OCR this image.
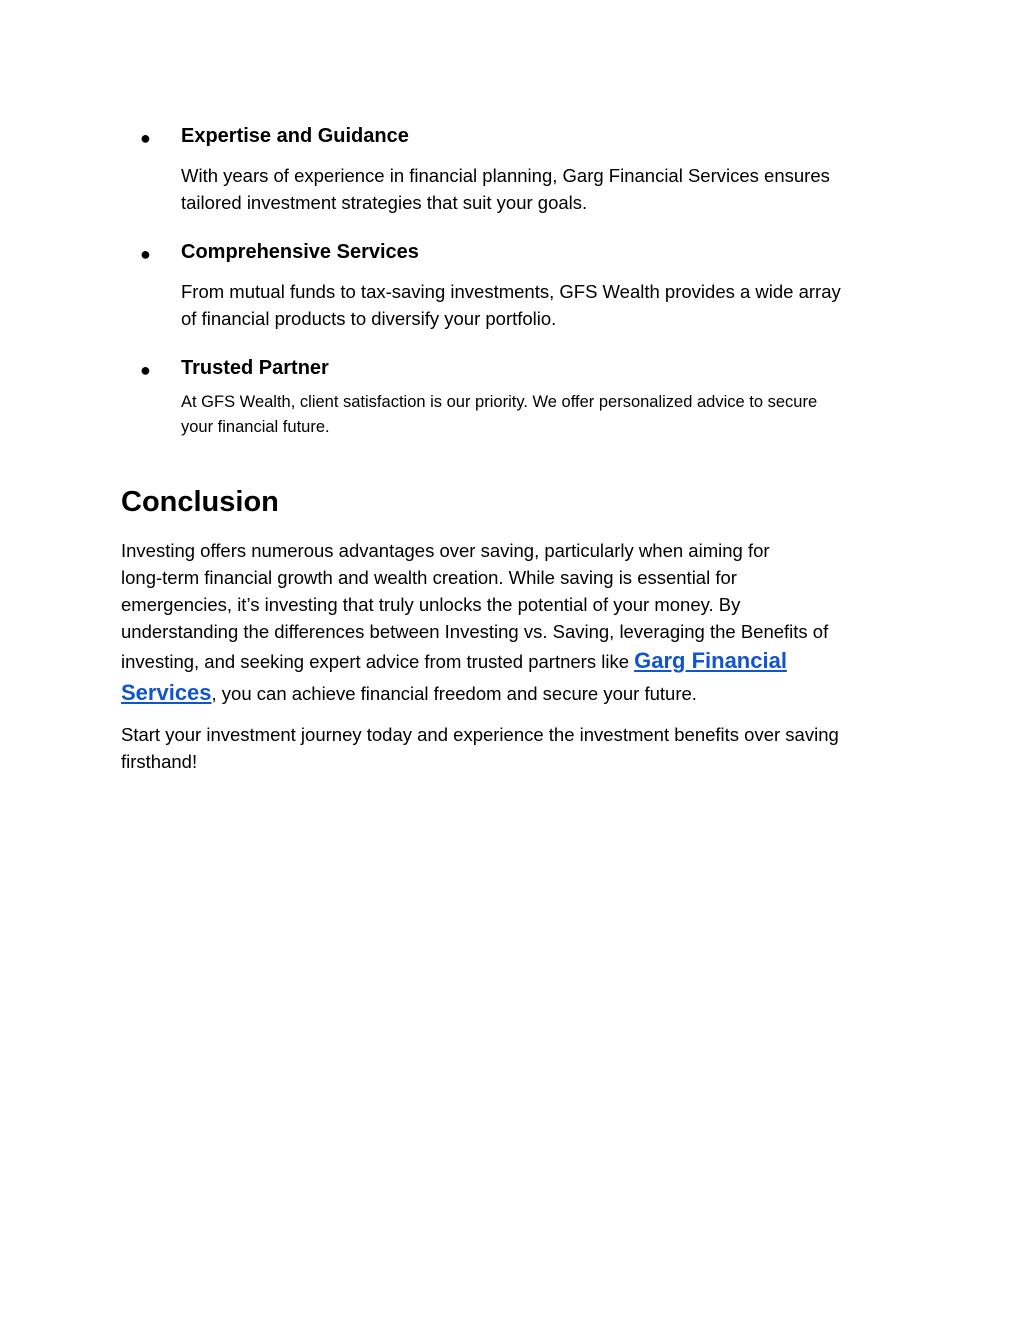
● Expertise and Guidance
With years of experience in financial planning, Garg Financial Services ensures
tailored investment strategies that suit your goals.
● Comprehensive Services
From mutual funds to tax-saving investments, GFS Wealth provides a wide array
of financial products to diversify your portfolio.
● Trusted Partner
At GFS Wealth, client satisfaction is our priority. We offer personalized advice to secure
your financial future.
Conclusion
Investing offers numerous advantages over saving, particularly when aiming for
long-term financial growth and wealth creation. While saving is essential for
emergencies, it’s investing that truly unlocks the potential of your money. By
understanding the differences between Investing vs. Saving, leveraging the Benefits of
investing, and seeking expert advice from trusted partners like Garg Financial
Services, you can achieve financial freedom and secure your future.
Start your investment journey today and experience the investment benefits over saving
firsthand!
